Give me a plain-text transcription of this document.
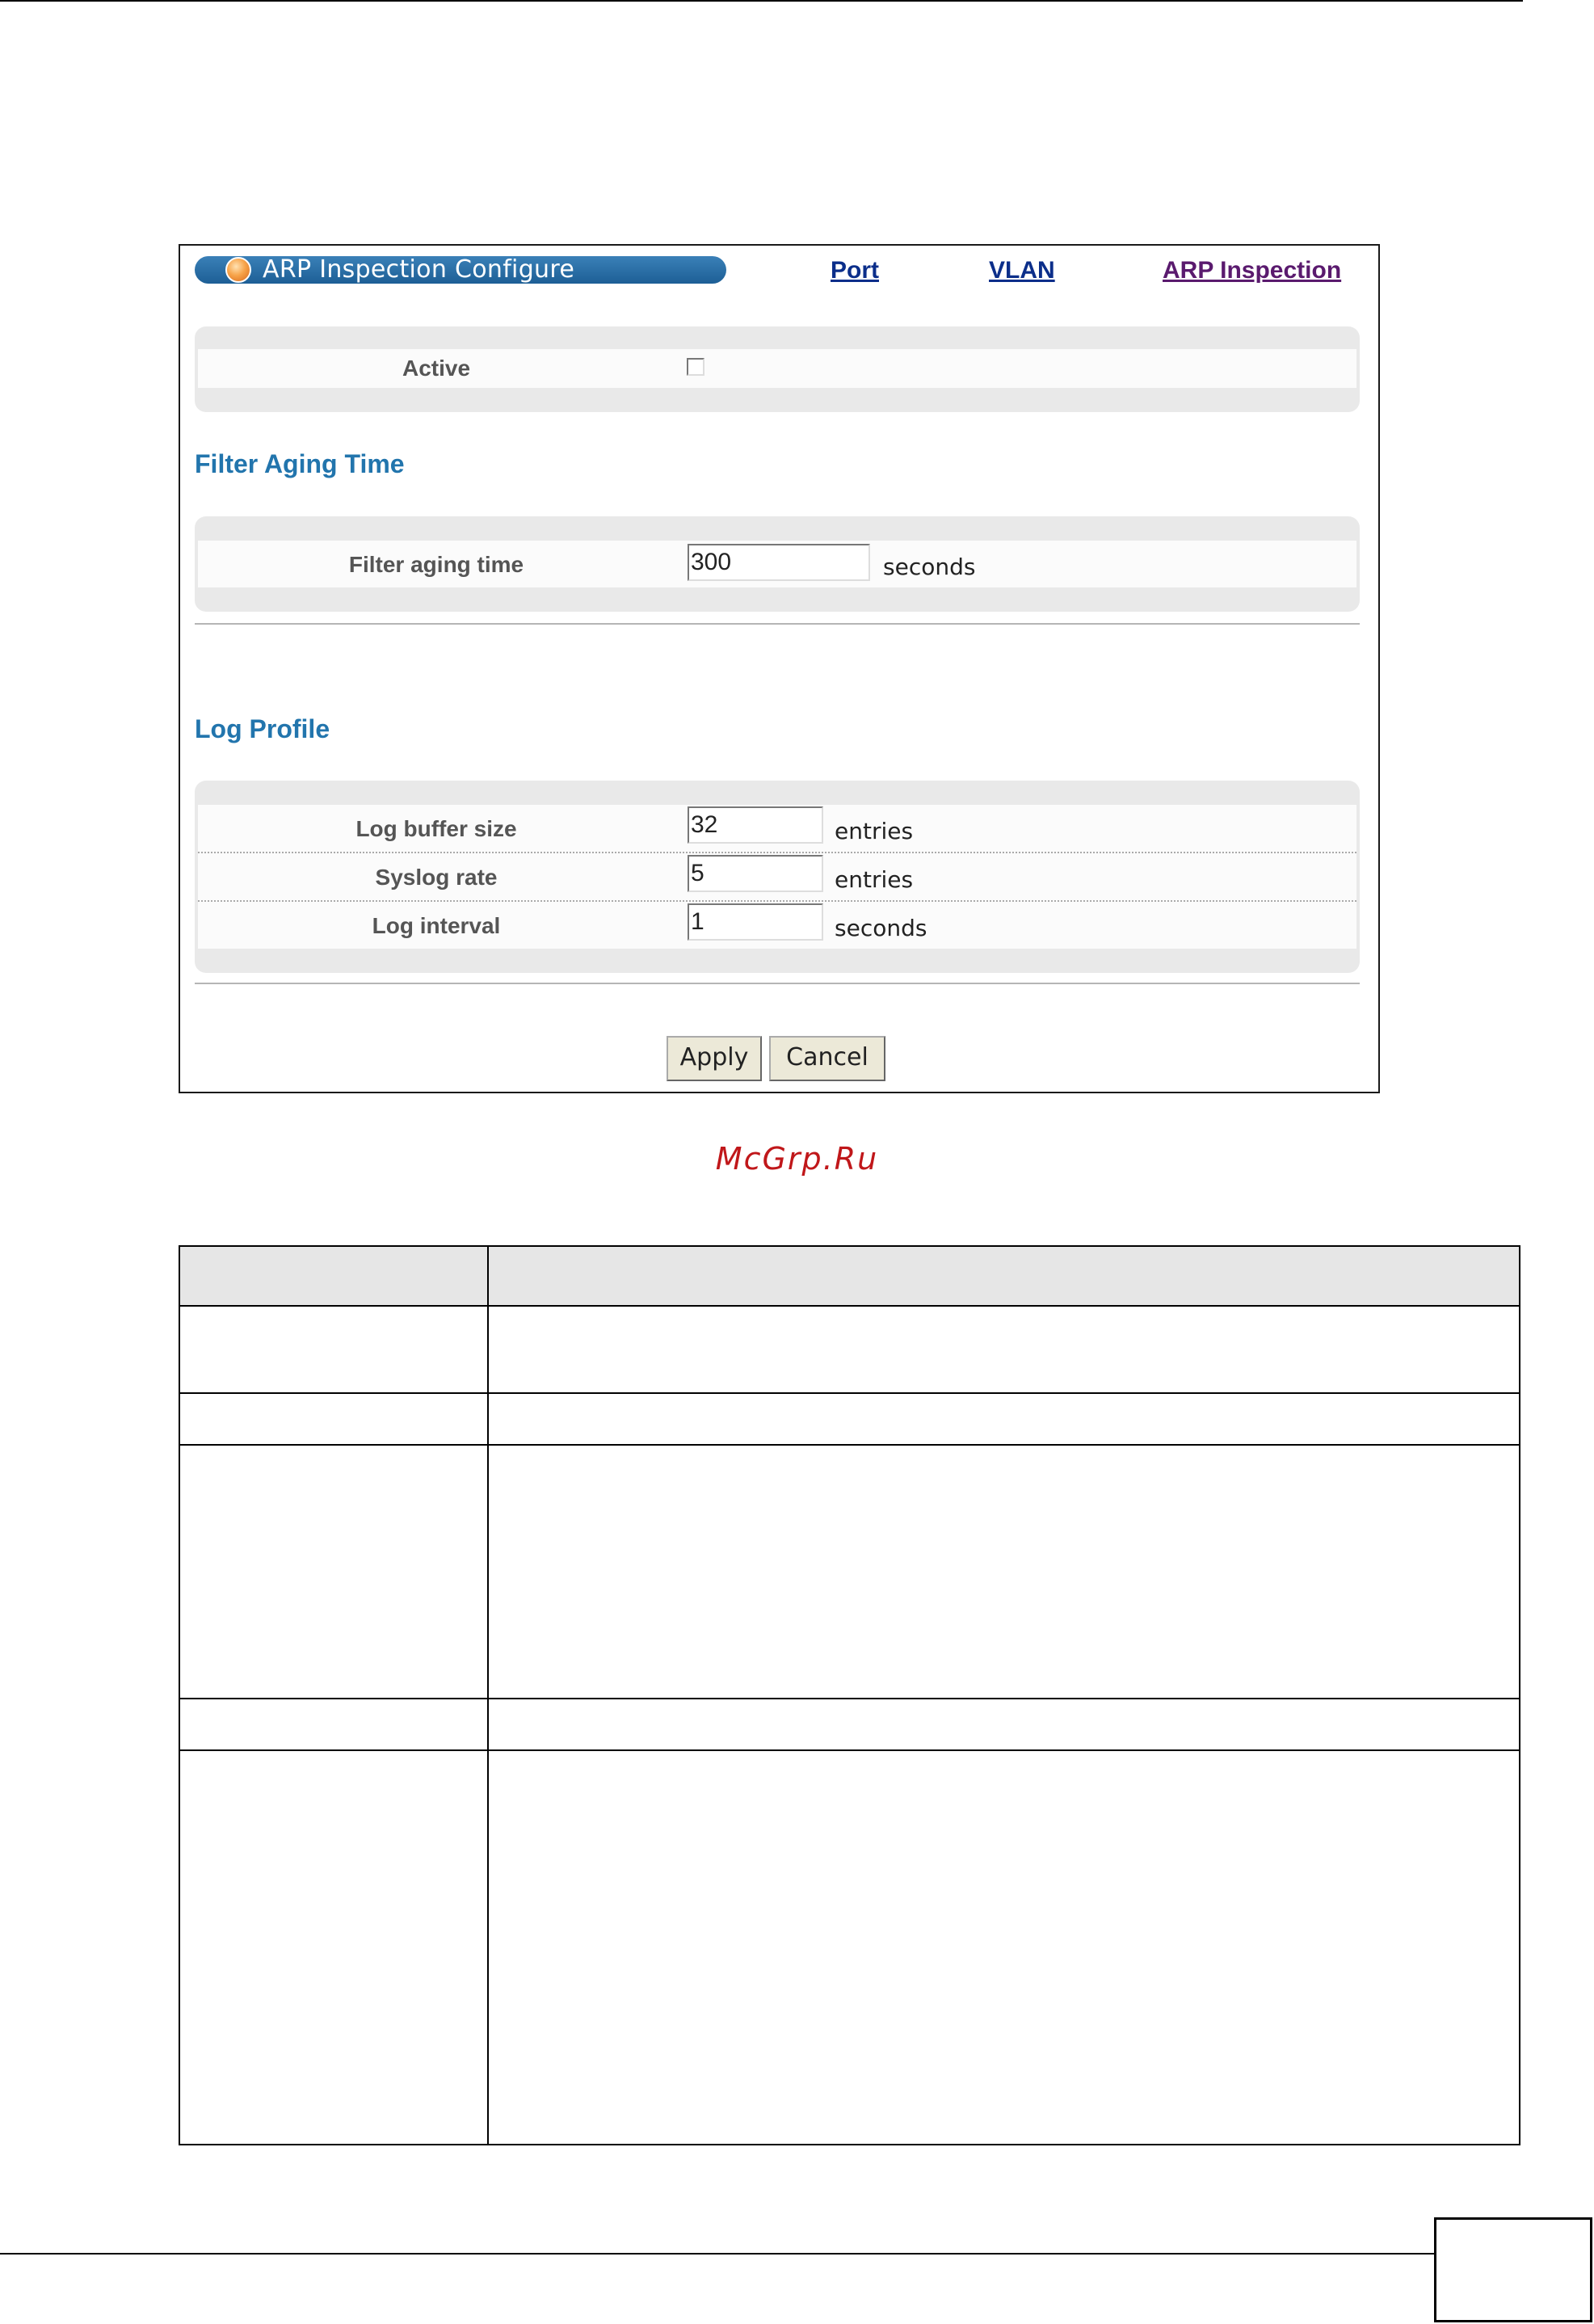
ARP Inspection Configure	Port	VLAN	ARP Inspection
Active
Filter Aging Time
Filter aging time	300	seconds
Log Profile
Log buffer size	32	entries
Syslog rate	5	entries
Log interval	1	seconds
Apply	Cancel
McGrp.Ru
